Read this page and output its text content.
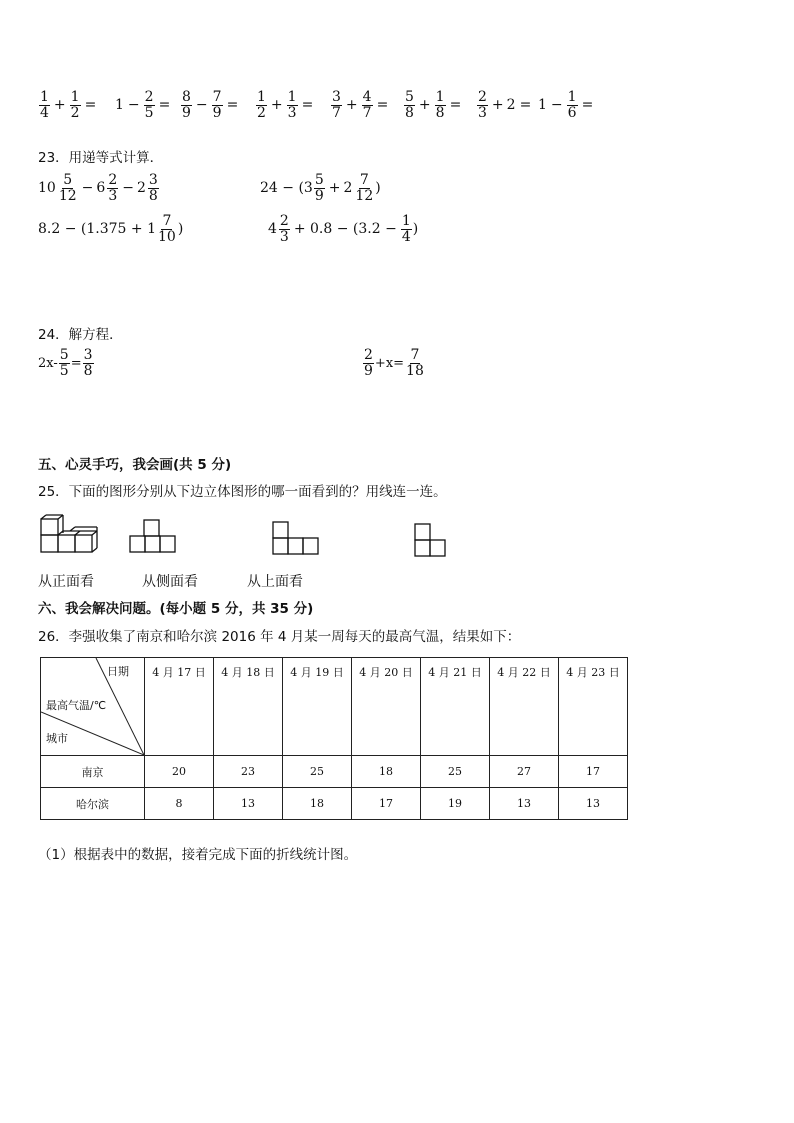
$\frac{1}{4} + \frac{1}{2} = 1 - \frac{2}{5} = \frac{8}{9} - \frac{7}{9} = \frac{1}{2} + \frac{1}{3} = \frac{3}{7} + \frac{4}{7} = \frac{5}{8} + \frac{1}{8} = \frac{2}{3} + 2 = 1 - \frac{1}{6}$ =
23．用递等式计算．
$10 \frac{5}{12} - 6 \frac{2}{3} - 2 \frac{3}{8}$	$24 - (3 \frac{5}{9} + 2 \frac{7}{12}$ )
$8.2 - (1.375 + 1 \frac{7}{10}$ )	$4 \frac{2}{3} + 0.8 - (3.2 - \frac{1}{4}$ )
24．解方程．
$2x- \frac{5}{5} = \frac{3}{8}$	$\frac{2}{9} +x= \frac{7}{18}$
五、心灵手巧，我会画(共 5 分)
25．下面的图形分别从下边立体图形的哪一面看到的？用线连一连。
从正面看	从侧面看	从上面看
六、我会解决问题。(每小题 5 分，共 35 分)
26．李强收集了南京和哈尔滨 2016 年 4 月某一周每天的最高气温，结果如下：
日期
最高气温/℃
城市	4 月 17 日	4 月 18 日	4 月 19 日	4 月 20 日	4 月 21 日	4 月 22 日	4 月 23 日
南京	20	23	25	18	25	27	17
哈尔滨	8	13	18	17	19	13	13
（1）根据表中的数据，接着完成下面的折线统计图。
